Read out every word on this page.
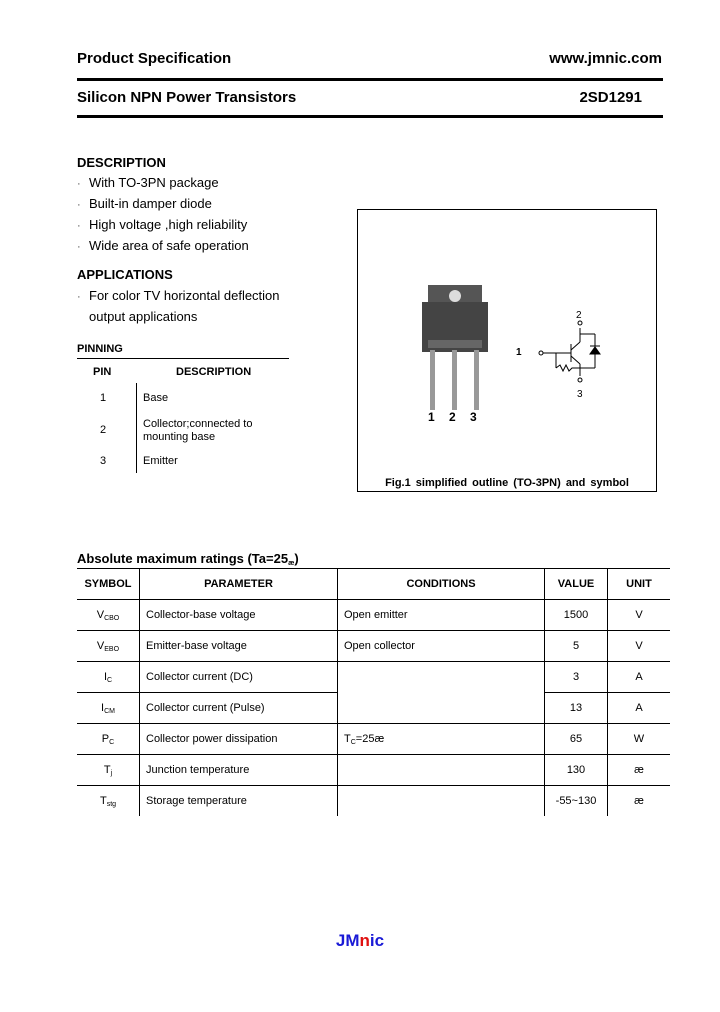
Product Specification	www.jmnic.com
Silicon NPN Power Transistors	2SD1291
DESCRIPTION
· With TO-3PN package
· Built-in damper diode
· High voltage ,high reliability
· Wide area of safe operation
APPLICATIONS
· For color TV horizontal deflection
output applications
PINNING
PIN	DESCRIPTION
1	Base
2	Collector;connected to
mounting base
3	Emitter
1 2 3
1
2
3
Fig.1 simplified outline (TO-3PN) and symbol
Absolute maximum ratings $(Ta=25_æ)$
SYMBOL	PARAMETER	CONDITIONS	VALUE	UNIT
$V_{CBO}$	Collector-base voltage	Open emitter	1500	V
$V_{EBO}$	Emitter-base voltage	Open collector	5	V
$I_C$	Collector current (DC)		3	A
$I_{CM}$	Collector current (Pulse)		13	A
$P_C$	Collector power dissipation	$T_C=25æ$	65	W
$T_j$	Junction temperature		130	æ
$T_{stg}$	Storage temperature		-55~130	æ
JMnic
